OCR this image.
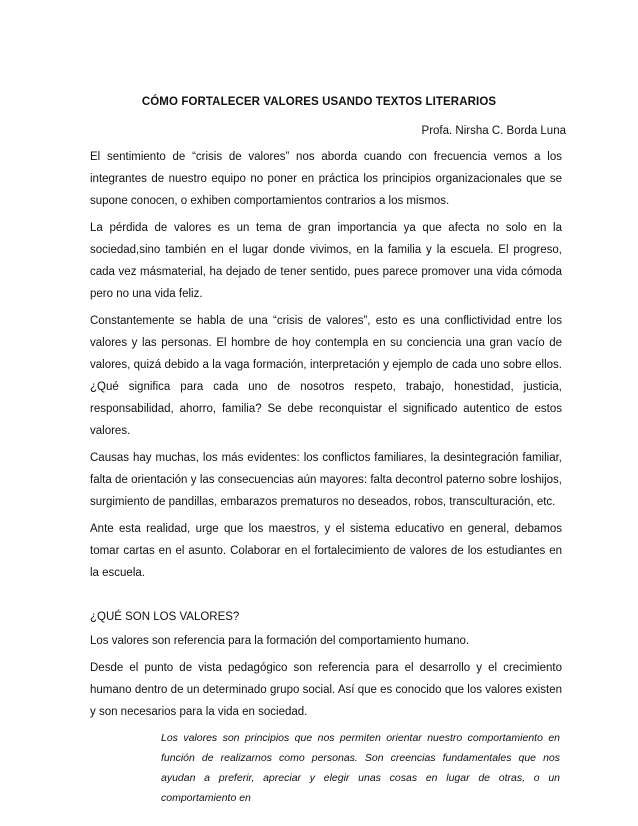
CÓMO FORTALECER VALORES USANDO TEXTOS LITERARIOS
Profa. Nirsha C. Borda Luna

El sentimiento de “crisis de valores” nos aborda cuando con frecuencia vemos a los integrantes de nuestro equipo no poner en práctica los principios organizacionales que se supone conocen, o exhiben comportamientos contrarios a los mismos.

La pérdida de valores es un tema de gran importancia ya que afecta no solo en la sociedad,sino también en el lugar donde vivimos, en la familia y la escuela. El progreso, cada vez másmaterial, ha dejado de tener sentido, pues parece promover una vida cómoda pero no una vida feliz.

Constantemente se habla de una “crisis de valores”, esto es una conflictividad entre los valores y las personas. El hombre de hoy contempla en su conciencia una gran vacío de valores, quizá debido a la vaga formación, interpretación y ejemplo de cada uno sobre ellos. ¿Qué significa para cada uno de nosotros respeto, trabajo, honestidad, justicia, responsabilidad, ahorro, familia? Se debe reconquistar el significado autentico de estos valores.

Causas hay muchas, los más evidentes: los conflictos familiares, la desintegración familiar, falta de orientación y las consecuencias aún mayores: falta decontrol paterno sobre loshijos, surgimiento de pandillas, embarazos prematuros no deseados, robos, transculturación, etc.

Ante esta realidad, urge que los maestros, y el sistema educativo en general, debamos tomar cartas en el asunto. Colaborar en el fortalecimiento de valores de los estudiantes en la escuela.

¿QUÉ SON LOS VALORES?

Los valores son referencia para la formación del comportamiento humano.

Desde el punto de vista pedagógico son referencia para el desarrollo y el crecimiento humano dentro de un determinado grupo social. Así que es conocido que los valores existen y son necesarios para la vida en sociedad.

Los valores son principios que nos permiten orientar nuestro comportamiento en función de realizarnos como personas. Son creencias fundamentales que nos ayudan a preferir, apreciar y elegir unas cosas en lugar de otras, o un comportamiento en
